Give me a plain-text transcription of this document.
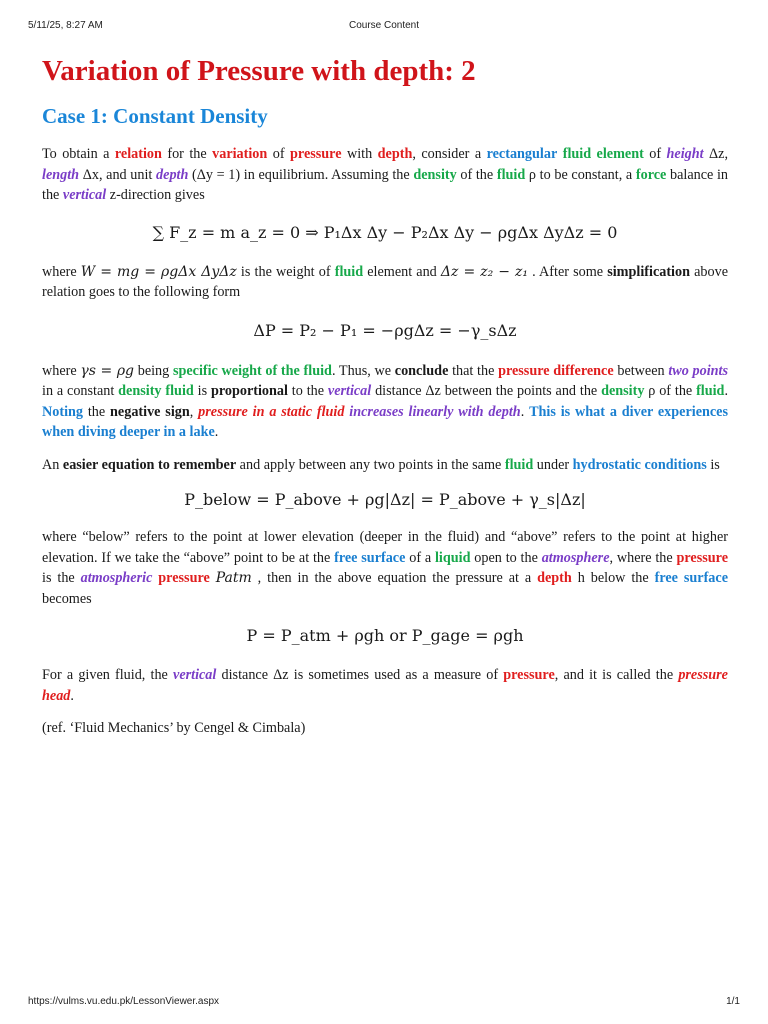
5/11/25, 8:27 AM	Course Content
Variation of Pressure with depth: 2
Case 1: Constant Density

To obtain a relation for the variation of pressure with depth, consider a rectangular fluid element of height Δz, length Δx, and unit depth (Δy = 1) in equilibrium. Assuming the density of the fluid ρ to be constant, a force balance in the vertical z-direction gives

∑ F_z = m a_z = 0 ⇒ P₁Δx Δy − P₂Δx Δy − ρgΔx ΔyΔz = 0

where W = mg = ρgΔx ΔyΔz is the weight of fluid element and Δz = z₂ − z₁ . After some simplification above relation goes to the following form

ΔP = P₂ − P₁ = −ρgΔz = −γ_sΔz

where γs = ρg being specific weight of the fluid. Thus, we conclude that the pressure difference between two points in a constant density fluid is proportional to the vertical distance Δz between the points and the density ρ of the fluid. Noting the negative sign, pressure in a static fluid increases linearly with depth. This is what a diver experiences when diving deeper in a lake.

An easier equation to remember and apply between any two points in the same fluid under hydrostatic conditions is

P_below = P_above + ρg|Δz| = P_above + γ_s|Δz|

where “below” refers to the point at lower elevation (deeper in the fluid) and “above” refers to the point at higher elevation. If we take the “above” point to be at the free surface of a liquid open to the atmosphere, where the pressure is the atmospheric pressure Patm , then in the above equation the pressure at a depth h below the free surface becomes

P = P_atm + ρgh or P_gage = ρgh

For a given fluid, the vertical distance Δz is sometimes used as a measure of pressure, and it is called the pressure head.

(ref. ‘Fluid Mechanics’ by Cengel & Cimbala)

https://vulms.vu.edu.pk/LessonViewer.aspx	1/1
